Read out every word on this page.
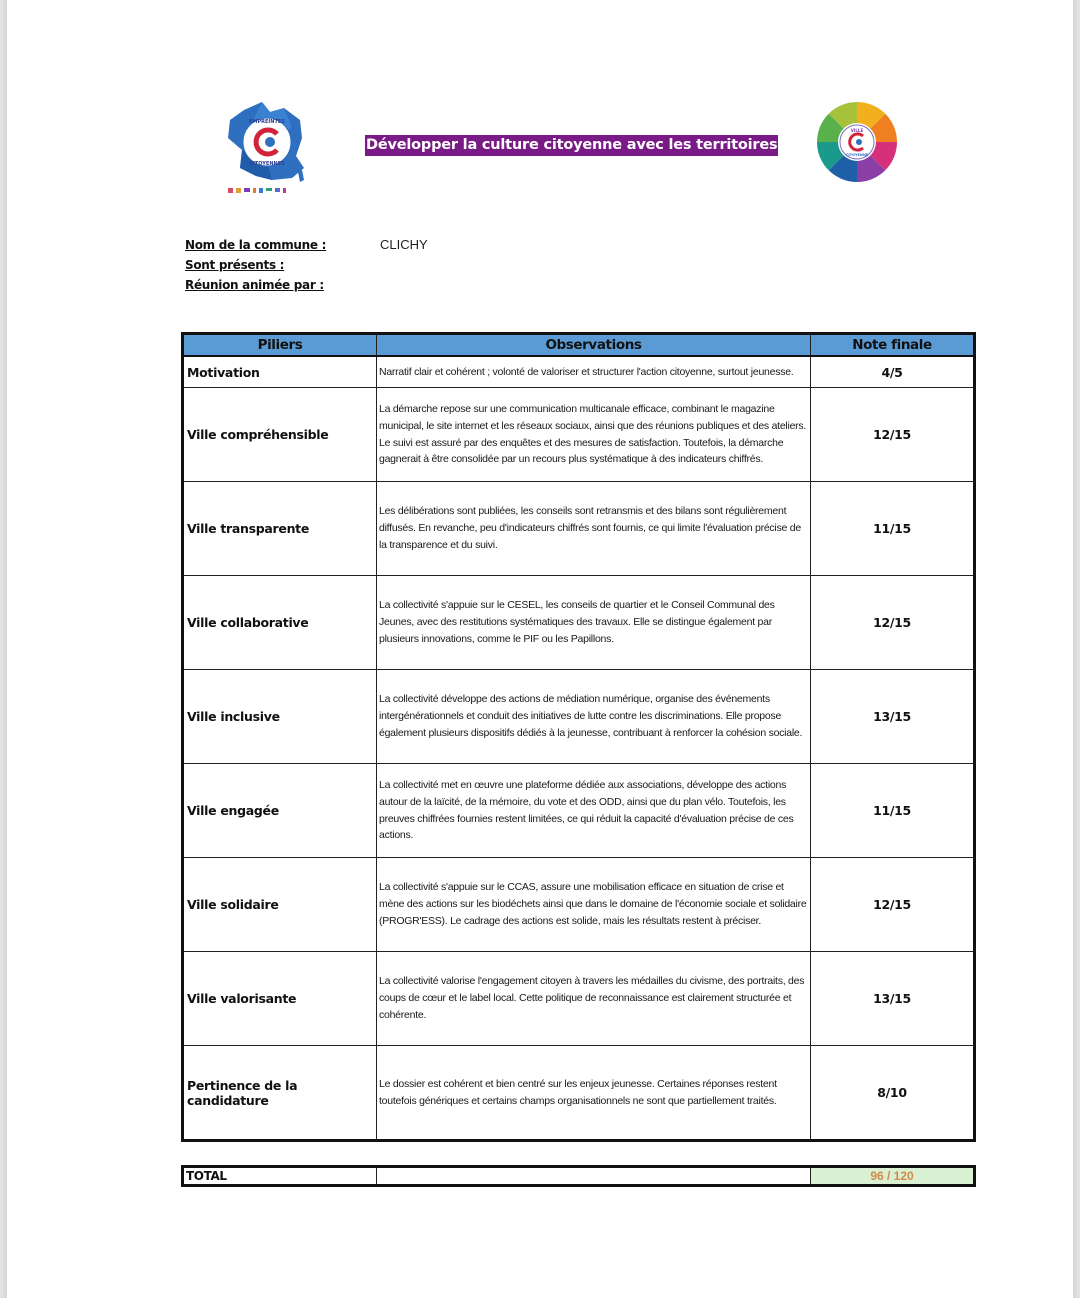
EMPREINTES
CITOYENNES
Développer la culture citoyenne avec les territoires
VILLE
CITOYENNE
Nom de la commune :	CLICHY
Sont présents :
Réunion animée par :
Piliers	Observations	Note finale
Motivation	Narratif clair et cohérent ; volonté de valoriser et structurer l'action citoyenne, surtout jeunesse.	4/5
Ville compréhensible	La démarche repose sur une communication multicanale efficace, combinant le magazine municipal, le site internet et les réseaux sociaux, ainsi que des réunions publiques et des ateliers. Le suivi est assuré par des enquêtes et des mesures de satisfaction. Toutefois, la démarche gagnerait à être consolidée par un recours plus systématique à des indicateurs chiffrés.	12/15
Ville transparente	Les délibérations sont publiées, les conseils sont retransmis et des bilans sont régulièrement diffusés. En revanche, peu d'indicateurs chiffrés sont fournis, ce qui limite l'évaluation précise de la transparence et du suivi.	11/15
Ville collaborative	La collectivité s'appuie sur le CESEL, les conseils de quartier et le Conseil Communal des Jeunes, avec des restitutions systématiques des travaux. Elle se distingue également par plusieurs innovations, comme le PIF ou les Papillons.	12/15
Ville inclusive	La collectivité développe des actions de médiation numérique, organise des événements intergénérationnels et conduit des initiatives de lutte contre les discriminations. Elle propose également plusieurs dispositifs dédiés à la jeunesse, contribuant à renforcer la cohésion sociale.	13/15
Ville engagée	La collectivité met en œuvre une plateforme dédiée aux associations, développe des actions autour de la laïcité, de la mémoire, du vote et des ODD, ainsi que du plan vélo. Toutefois, les preuves chiffrées fournies restent limitées, ce qui réduit la capacité d'évaluation précise de ces actions.	11/15
Ville solidaire	La collectivité s'appuie sur le CCAS, assure une mobilisation efficace en situation de crise et mène des actions sur les biodéchets ainsi que dans le domaine de l'économie sociale et solidaire (PROGR'ESS). Le cadrage des actions est solide, mais les résultats restent à préciser.	12/15
Ville valorisante	La collectivité valorise l'engagement citoyen à travers les médailles du civisme, des portraits, des coups de cœur et le label local. Cette politique de reconnaissance est clairement structurée et cohérente.	13/15
Pertinence de la candidature	Le dossier est cohérent et bien centré sur les enjeux jeunesse. Certaines réponses restent toutefois génériques et certains champs organisationnels ne sont que partiellement traités.	8/10
TOTAL		96 / 120
